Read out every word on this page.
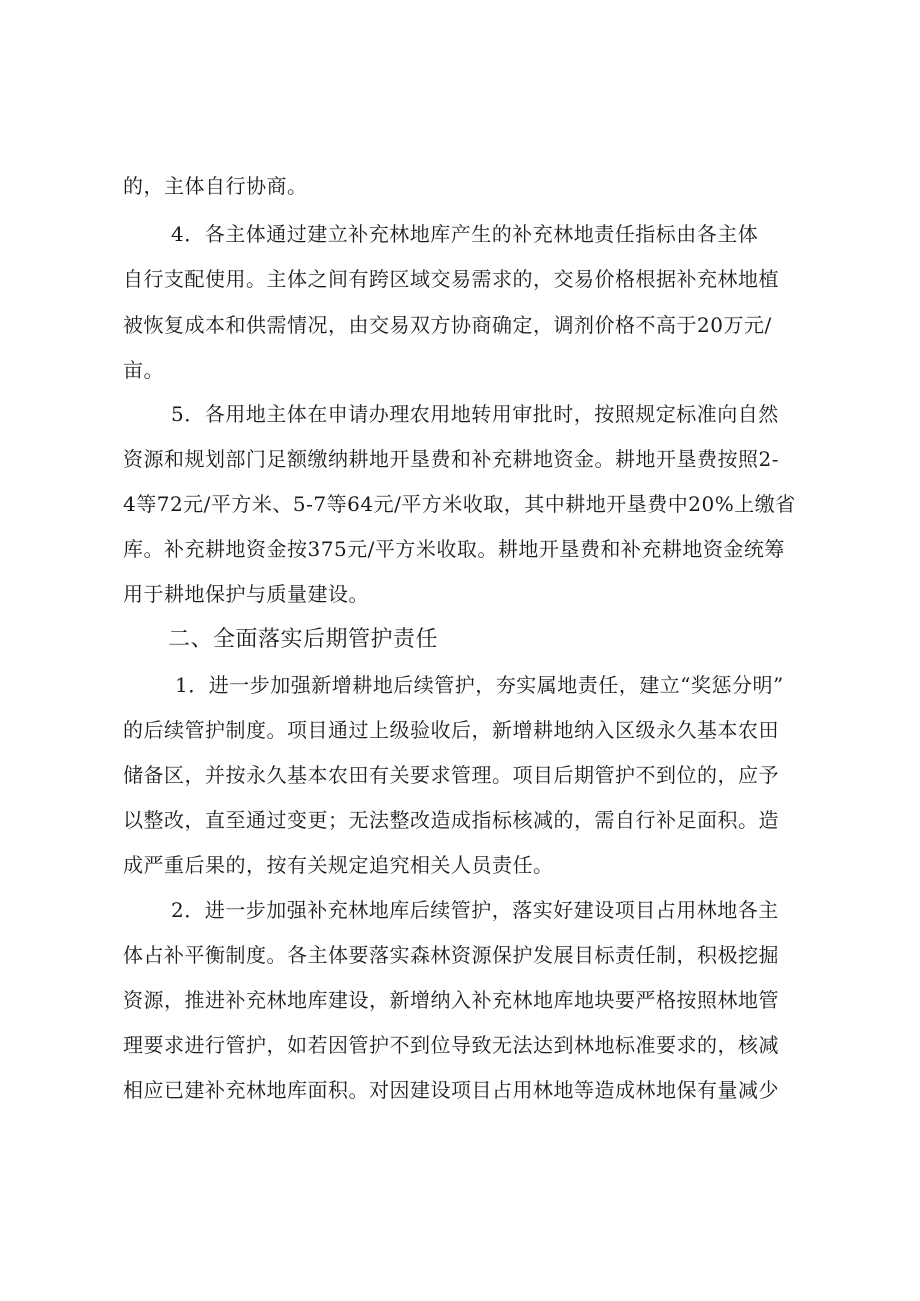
的，主体自行协商。
4．各主体通过建立补充林地库产生的补充林地责任指标由各主体
自行支配使用。主体之间有跨区域交易需求的，交易价格根据补充林地植
被恢复成本和供需情况，由交易双方协商确定，调剂价格不高于20万元/
亩。
5．各用地主体在申请办理农用地转用审批时，按照规定标准向自然
资源和规划部门足额缴纳耕地开垦费和补充耕地资金。耕地开垦费按照2-
4等72元/平方米、5-7等64元/平方米收取，其中耕地开垦费中20%上缴省
库。补充耕地资金按375元/平方米收取。耕地开垦费和补充耕地资金统筹
用于耕地保护与质量建设。
二、全面落实后期管护责任
1．进一步加强新增耕地后续管护，夯实属地责任，建立“奖惩分明”
的后续管护制度。项目通过上级验收后，新增耕地纳入区级永久基本农田
储备区，并按永久基本农田有关要求管理。项目后期管护不到位的，应予
以整改，直至通过变更；无法整改造成指标核减的，需自行补足面积。造
成严重后果的，按有关规定追究相关人员责任。
2．进一步加强补充林地库后续管护，落实好建设项目占用林地各主
体占补平衡制度。各主体要落实森林资源保护发展目标责任制，积极挖掘
资源，推进补充林地库建设，新增纳入补充林地库地块要严格按照林地管
理要求进行管护，如若因管护不到位导致无法达到林地标准要求的，核减
相应已建补充林地库面积。对因建设项目占用林地等造成林地保有量减少
